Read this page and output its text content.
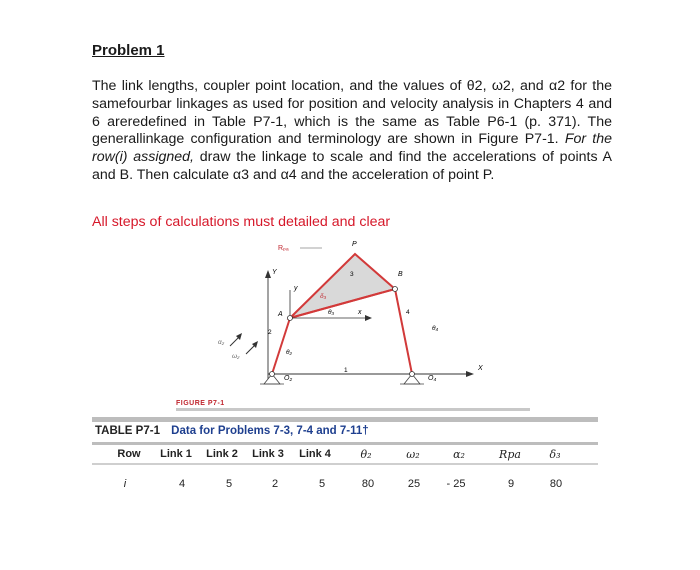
Problem 1
The link lengths, coupler point location, and the values of θ2, ω2, and α2 for the samefourbar linkages as used for position and velocity analysis in Chapters 4 and 6 areredefined in Table P7-1, which is the same as Table P6-1 (p. 371). The generallinkage configuration and terminology are shown in Figure P7-1. For the row(i) assigned, draw the linkage to scale and find the accelerations of points A and B. Then calculate α3 and α4 and the acceleration of point P.
All steps of calculations must detailed and clear
Rₚₐ
P
B
A
Y
y
x
X
2
3
4
1
θ₂
θ₃
θ₄
δ₃
α₂
ω₂
O₂	O₄
FIGURE P7-1
TABLE P7-1 Data for Problems 7-3, 7-4 and 7-11†
Row	Link 1	Link 2	Link 3	Link 4	θ₂	ω₂	α₂	Rpa	δ₃
i	4	5	2	5	80	25	- 25	9	80
